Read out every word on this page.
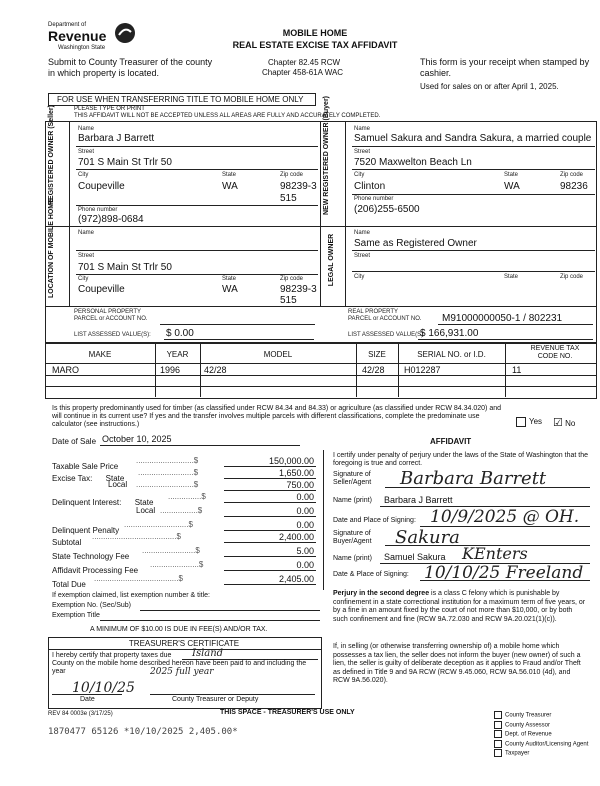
Department of
Revenue
Washington State
MOBILE HOME
REAL ESTATE EXCISE TAX AFFIDAVIT
Submit to County Treasurer of the county in which property is located.
Chapter 82.45 RCW
Chapter 458-61A WAC
This form is your receipt when stamped by cashier.
Used for sales on or after April 1, 2025.
FOR USE WHEN TRANSFERRING TITLE TO MOBILE HOME ONLY
PLEASE TYPE OR PRINT
THIS AFFIDAVIT WILL NOT BE ACCEPTED UNLESS ALL AREAS ARE FULLY AND ACCURATELY COMPLETED.
REGISTERED OWNER (Seller)	NEW REGISTERED OWNER (Buyer)
LOCATION OF MOBILE HOME	LEGAL OWNER
Name
Barbara J Barrett
Street
701 S Main St Trlr 50
City	State	Zip code
Coupeville	WA	98239-3
515
Phone number
(972)898-0684
Name
Samuel Sakura and Sandra Sakura, a married couple
Street
7520 Maxwelton Beach Ln
City	State	Zip code
Clinton	WA	98236
Phone number
(206)255-6500
Name
Street
701 S Main St Trlr 50
City	State	Zip code
Coupeville	WA	98239-3
515
Name
Same as Registered Owner
Street
City	State	Zip code
PERSONAL PROPERTY
PARCEL or ACCOUNT NO.
LIST ASSESSED VALUE(S): $ 0.00
REAL PROPERTY
PARCEL or ACCOUNT NO. M91000000050-1 / 802231
LIST ASSESSED VALUE(S):
$ 166,931.00
MAKE	YEAR	MODEL	SIZE	SERIAL NO. or I.D.
REVENUE TAX CODE NO.
MARO	1996	42/28	42/28 H012287	11
Is this property predominantly used for timber (as classified under RCW 84.34 and 84.33) or agriculture (as classified under RCW 84.34.020) and will continue in its current use? If yes and the transfer involves multiple parcels with different classifications, complete the predominate use calculator (see instructions.)	Yes ☑ No
Date of Sale October 10, 2025
Taxable Sale Price
..........................$	150,000.00
Excise Tax:      State
.........................$	1,650.00
Local ..........................$	750.00
Delinquent Interest:      State
...............$	0.00
Local .................$	0.00
Delinquent Penalty
.............................$	0.00
Subtotal
......................................$	2,400.00
State Technology Fee
........................$	5.00
Affidavit Processing Fee
......................$	0.00
Total Due
......................................$	2,405.00
If exemption claimed, list exemption number & title:
Exemption No. (Sec/Sub)
Exemption Title
A MINIMUM OF $10.00 IS DUE IN FEE(S) AND/OR TAX.
TREASURER'S CERTIFICATE
I hereby certify that property taxes due Island
County on the mobile home described hereon have been paid to and including the year	2025 full year
10/10/25
Date	County Treasurer or Deputy
AFFIDAVIT
I certify under penalty of perjury under the laws of the State of Washington that the foregoing is true and correct.
Signature of Seller/Agent	Barbara Barrett
Name (print) Barbara J Barrett
Date and Place of Signing: 10/9/2025 @ OH.
Signature of Buyer/Agent	Sakura
Name (print) Samuel Sakura KEnters
Date & Place of Signing: 10/10/25 Freeland
Perjury in the second degree is a class C felony which is punishable by confinement in a state correctional institution for a maximum term of five years, or by a fine in an amount fixed by the court of not more than $10,000, or by both such confinement and fine (RCW 9A.72.030 and RCW 9A.20.021(1)(c)).
If, in selling (or otherwise transferring ownership of) a mobile home which possesses a tax lien, the seller does not inform the buyer (new owner) of such a lien, the seller is guilty of deliberate deception as it applies to Fraud and/or Theft as defined in Title 9 and 9A RCW (RCW 9.45.060, RCW 9A.56.010 (4d), and RCW 9A.56.020).
REV 84 0003e (3/17/25)	THIS SPACE - TREASURER'S USE ONLY
1870477 65126 *10/10/2025 2,405.00*
County Treasurer
County Assessor
Dept. of Revenue
County Auditor/Licensing Agent
Taxpayer
